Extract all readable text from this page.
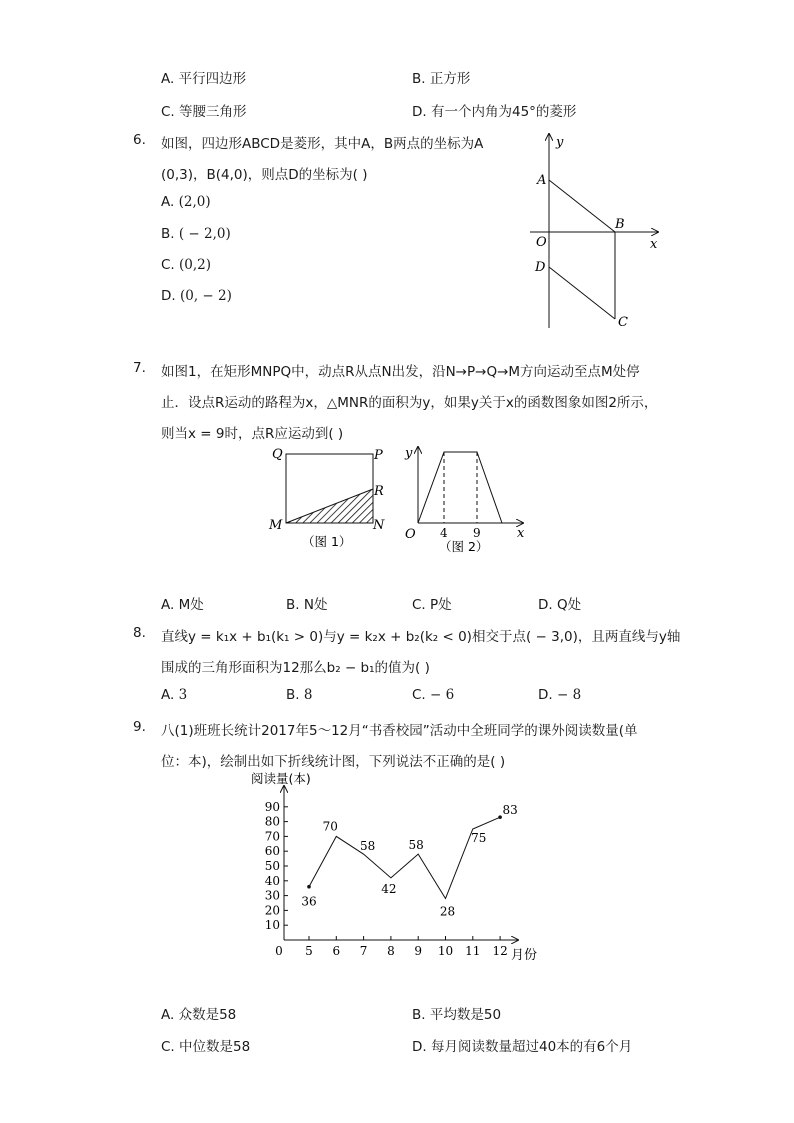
A. 平行四边形	B. 正方形
C. 等腰三角形	D. 有一个内角为45°的菱形
6. 如图，四边形ABCD是菱形，其中A，B两点的坐标为A
(0,3)，B(4,0)，则点D的坐标为( )
A. (2,0)
B. ( − 2,0)
C. (0,2)
D. (0, − 2)
y
x
A
B
O
D
C
7. 如图1，在矩形MNPQ中，动点R从点N出发，沿N→P→Q→M方向运动至点M处停
止．设点R运动的路程为x，△MNR的面积为y，如果y关于x的函数图象如图2所示，
则当x = 9时，点R应运动到( )
Q	P
R
M	N
（图 1）
y
x
O 4 9
（图 2）
A. M处	B. N处	C. P处	D. Q处
8. 直线y = k₁x + b₁(k₁ > 0)与y = k₂x + b₂(k₂ < 0)相交于点( − 3,0)，且两直线与y轴
围成的三角形面积为12那么b₂ − b₁的值为( )
A. 3	B. 8	C. − 6	D. − 8
9. 八(1)班班长统计2017年5～12月“书香校园”活动中全班同学的课外阅读数量(单
位：本)，绘制出如下折线统计图，下列说法不正确的是( )
阅读量(本)
月份
10
20
30
40
50
60
70
80
90
0 5 6 7 8 9 10 11 12
36
70
58
42
58
28
75
83
A. 众数是58	B. 平均数是50
C. 中位数是58	D. 每月阅读数量超过40本的有6个月
